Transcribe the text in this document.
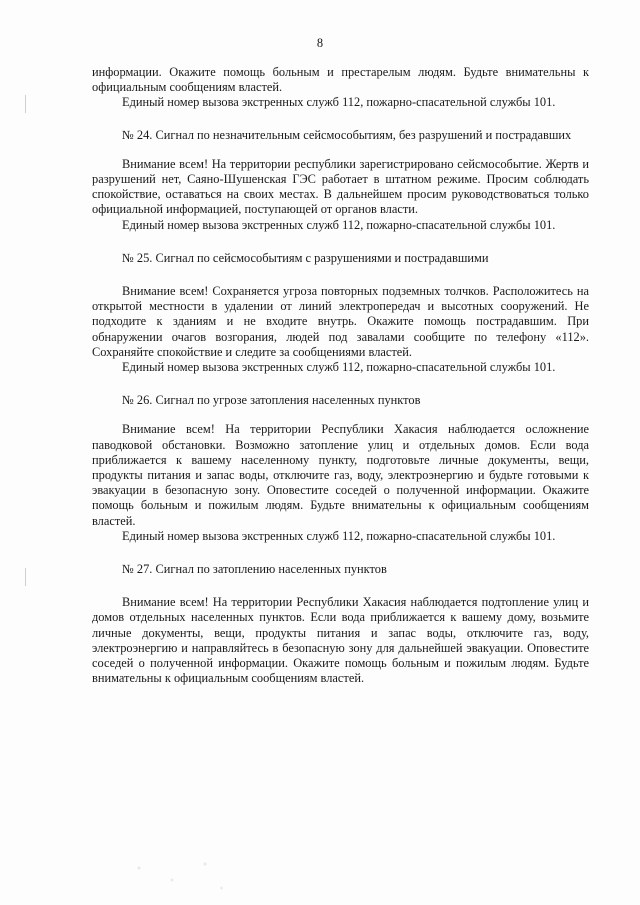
8

информации. Окажите помощь больным и престарелым людям. Будьте внимательны к официальным сообщениям властей.

Единый номер вызова экстренных служб 112, пожарно-спасательной службы 101.

№ 24. Сигнал по незначительным сейсмособытиям, без разрушений и пострадавших

Внимание всем! На территории республики зарегистрировано сейсмособытие. Жертв и разрушений нет, Саяно-Шушенская ГЭС работает в штатном режиме. Просим соблюдать спокойствие, оставаться на своих местах. В дальнейшем просим руководствоваться только официальной информацией, поступающей от органов власти.

Единый номер вызова экстренных служб 112, пожарно-спасательной службы 101.

№ 25. Сигнал по сейсмособытиям с разрушениями и пострадавшими

Внимание всем! Сохраняется угроза повторных подземных толчков. Расположитесь на открытой местности в удалении от линий электропередач и высотных сооружений. Не подходите к зданиям и не входите внутрь. Окажите помощь пострадавшим. При обнаружении очагов возгорания, людей под завалами сообщите по телефону «112». Сохраняйте спокойствие и следите за сообщениями властей.

Единый номер вызова экстренных служб 112, пожарно-спасательной службы 101.

№ 26. Сигнал по угрозе затопления населенных пунктов

Внимание всем! На территории Республики Хакасия наблюдается осложнение паводковой обстановки. Возможно затопление улиц и отдельных домов. Если вода приближается к вашему населенному пункту, подготовьте личные документы, вещи, продукты питания и запас воды, отключите газ, воду, электроэнергию и будьте готовыми к эвакуации в безопасную зону. Оповестите соседей о полученной информации. Окажите помощь больным и пожилым людям. Будьте внимательны к официальным сообщениям властей.

Единый номер вызова экстренных служб 112, пожарно-спасательной службы 101.

№ 27. Сигнал по затоплению населенных пунктов

Внимание всем! На территории Республики Хакасия наблюдается подтопление улиц и домов отдельных населенных пунктов. Если вода приближается к вашему дому, возьмите личные документы, вещи, продукты питания и запас воды, отключите газ, воду, электроэнергию и направляйтесь в безопасную зону для дальнейшей эвакуации. Оповестите соседей о полученной информации. Окажите помощь больным и пожилым людям. Будьте внимательны к официальным сообщениям властей.
